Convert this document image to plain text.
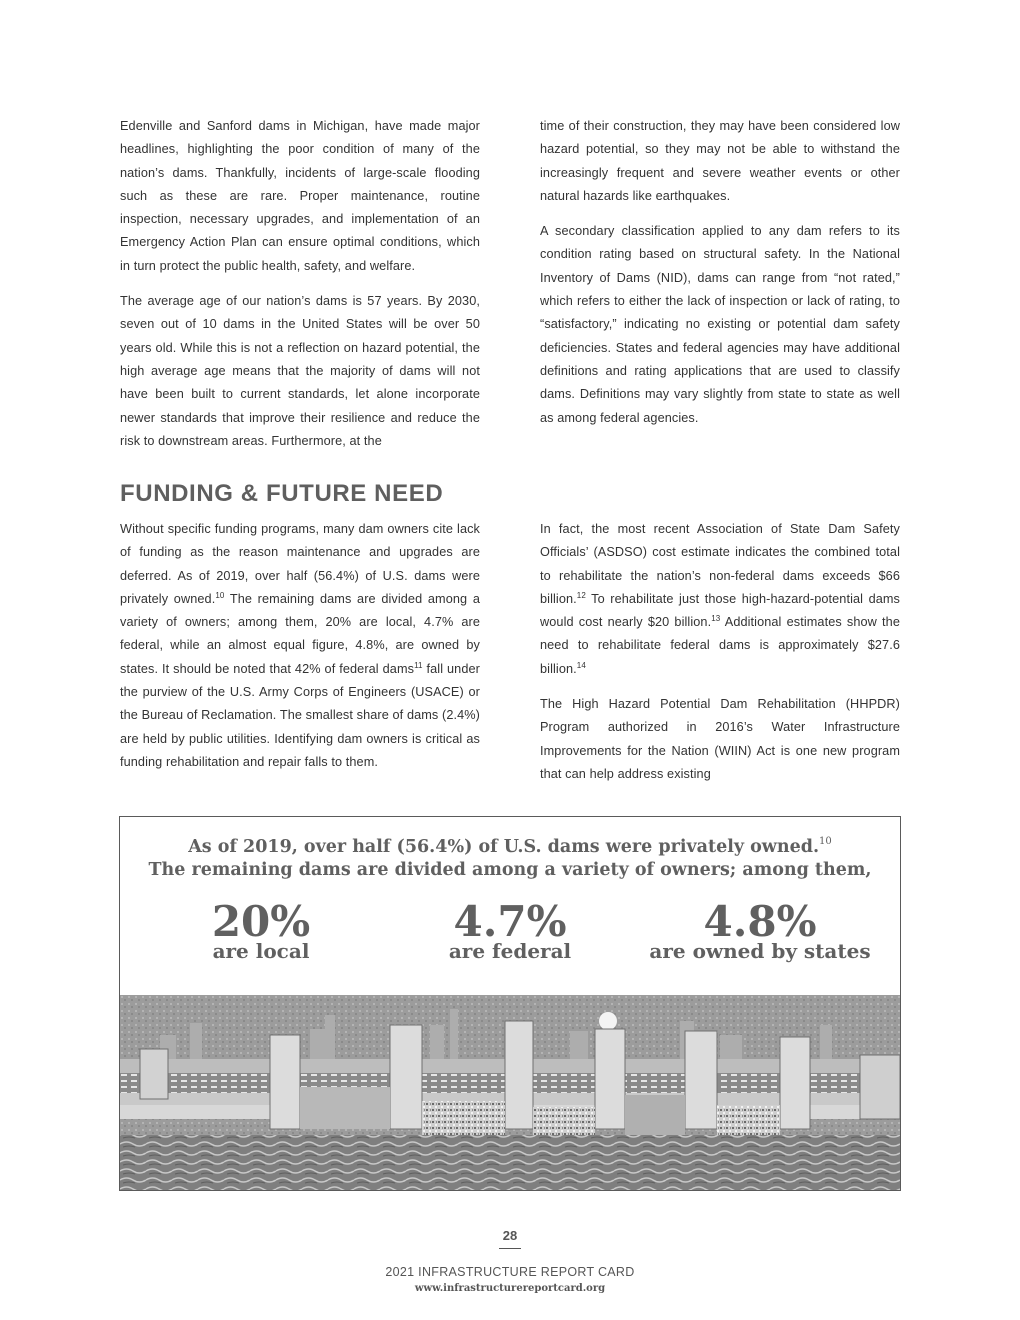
Edenville and Sanford dams in Michigan, have made major headlines, highlighting the poor condition of many of the nation’s dams. Thankfully, incidents of large-scale flooding such as these are rare. Proper maintenance, routine inspection, necessary upgrades, and implementation of an Emergency Action Plan can ensure optimal conditions, which in turn protect the public health, safety, and welfare.

The average age of our nation’s dams is 57 years. By 2030, seven out of 10 dams in the United States will be over 50 years old. While this is not a reflection on hazard potential, the high average age means that the majority of dams will not have been built to current standards, let alone incorporate newer standards that improve their resilience and reduce the risk to downstream areas. Furthermore, at the

time of their construction, they may have been considered low hazard potential, so they may not be able to withstand the increasingly frequent and severe weather events or other natural hazards like earthquakes.

A secondary classification applied to any dam refers to its condition rating based on structural safety. In the National Inventory of Dams (NID), dams can range from “not rated,” which refers to either the lack of inspection or lack of rating, to “satisfactory,” indicating no existing or potential dam safety deficiencies. States and federal agencies may have additional definitions and rating applications that are used to classify dams. Definitions may vary slightly from state to state as well as among federal agencies.

FUNDING & FUTURE NEED

Without specific funding programs, many dam owners cite lack of funding as the reason maintenance and upgrades are deferred. As of 2019, over half (56.4%) of U.S. dams were privately owned.$^{10}$ The remaining dams are divided among a variety of owners; among them, 20% are local, 4.7% are federal, while an almost equal figure, 4.8%, are owned by states. It should be noted that 42% of federal dams$^{11}$ fall under the purview of the U.S. Army Corps of Engineers (USACE) or the Bureau of Reclamation. The smallest share of dams (2.4%) are held by public utilities. Identifying dam owners is critical as funding rehabilitation and repair falls to them.

In fact, the most recent Association of State Dam Safety Officials’ (ASDSO) cost estimate indicates the combined total to rehabilitate the nation’s non-federal dams exceeds $66 billion.$^{12}$ To rehabilitate just those high-hazard-potential dams would cost nearly $20 billion.$^{13}$ Additional estimates show the need to rehabilitate federal dams is approximately $27.6 billion.$^{14}$

The High Hazard Potential Dam Rehabilitation (HHPDR) Program authorized in 2016’s Water Infrastructure Improvements for the Nation (WIIN) Act is one new program that can help address existing

As of 2019, over half (56.4%) of U.S. dams were privately owned.$^{10}$
The remaining dams are divided among a variety of owners; among them,
20%
are local
4.7%
are federal
4.8%
are owned by states
28
2021 INFRASTRUCTURE REPORT CARD
www.infrastructurereportcard.org
